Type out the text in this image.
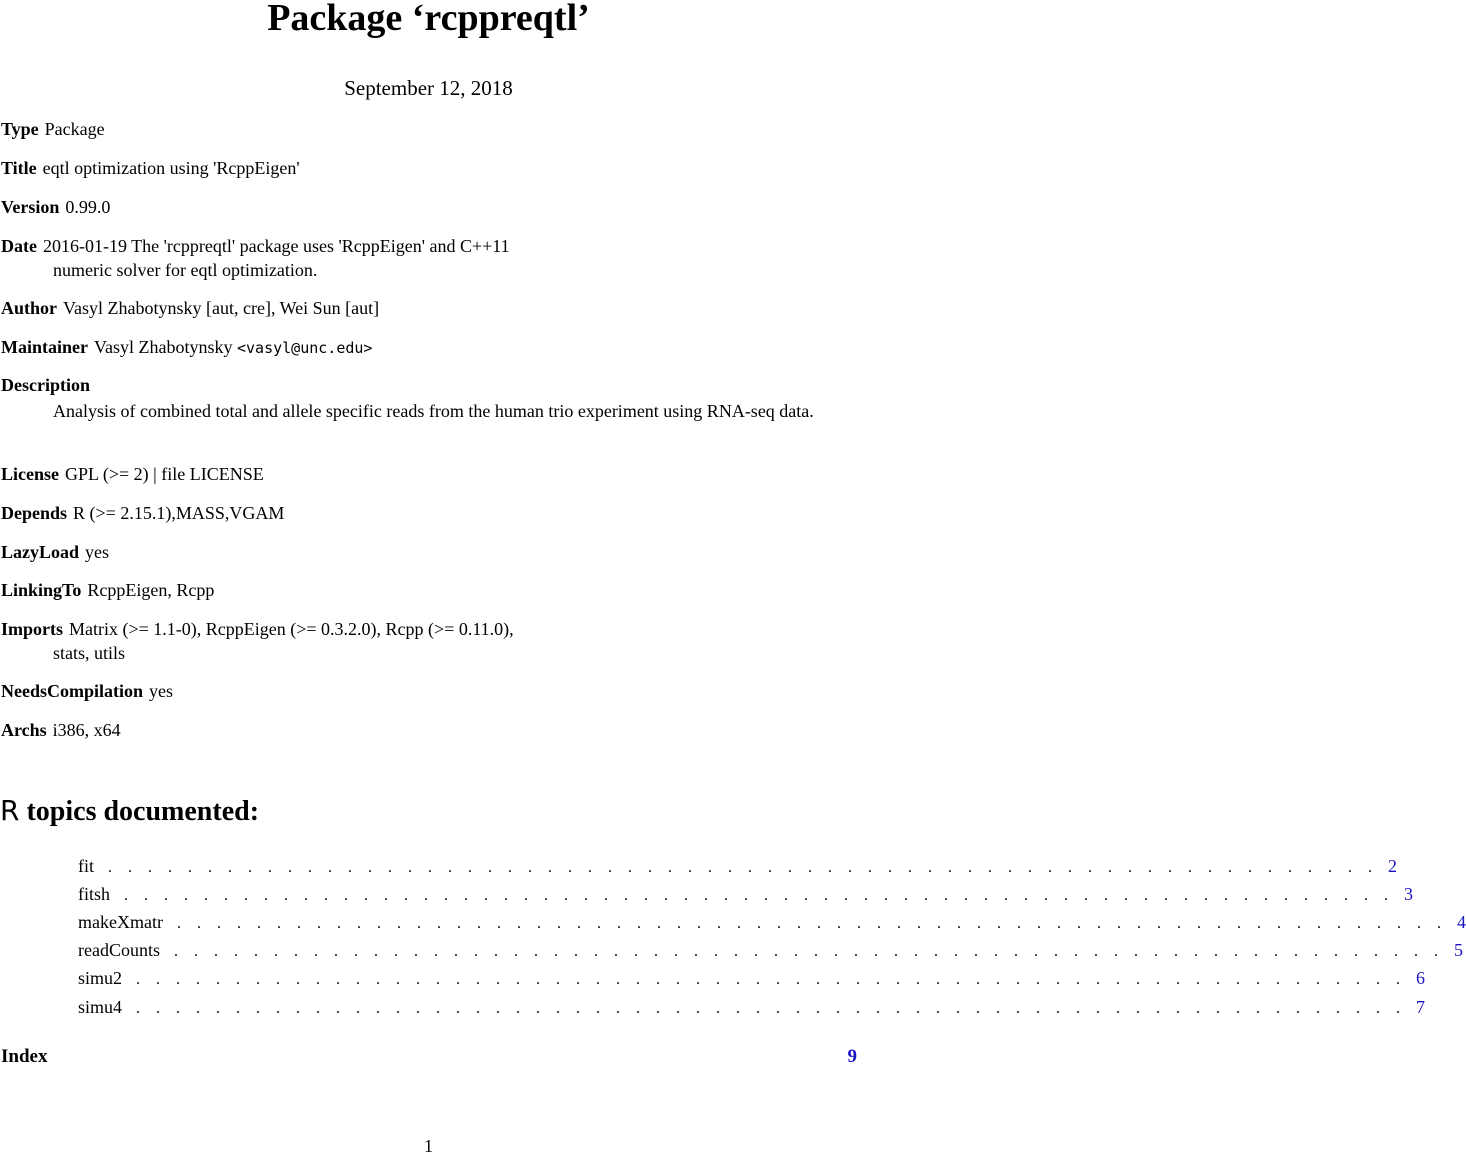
Package ‘rcppreqtl’
September 12, 2018
Type Package
Title eqtl optimization using 'RcppEigen'
Version 0.99.0
Date 2016-01-19 The 'rcppreqtl' package uses 'RcppEigen' and C++11
numeric solver for eqtl optimization.
Author Vasyl Zhabotynsky [aut, cre], Wei Sun [aut]
Maintainer Vasyl Zhabotynsky <vasyl@unc.edu>
Description
Analysis of combined total and allele specific reads from the human trio experiment using RNA-seq data.
License GPL (>= 2) | file LICENSE
Depends R (>= 2.15.1),MASS,VGAM
LazyLoad yes
LinkingTo RcppEigen, Rcpp
Imports Matrix (>= 1.1-0), RcppEigen (>= 0.3.2.0), Rcpp (>= 0.11.0),
stats, utils
NeedsCompilation yes
Archs i386, x64
R topics documented:
fit . . . . . . . . . . . . . . . . . . . . . . . . . . . . . . . . . . . . . . . . . . . . . . . . . . . . . . . . . . . . . . . . 2
fitsh . . . . . . . . . . . . . . . . . . . . . . . . . . . . . . . . . . . . . . . . . . . . . . . . . . . . . . . . . . . . . . . . 3
makeXmatr . . . . . . . . . . . . . . . . . . . . . . . . . . . . . . . . . . . . . . . . . . . . . . . . . . . . . . . . . . . . . . . . 4
readCounts . . . . . . . . . . . . . . . . . . . . . . . . . . . . . . . . . . . . . . . . . . . . . . . . . . . . . . . . . . . . . . . . 5
simu2 . . . . . . . . . . . . . . . . . . . . . . . . . . . . . . . . . . . . . . . . . . . . . . . . . . . . . . . . . . . . . . . . 6
simu4 . . . . . . . . . . . . . . . . . . . . . . . . . . . . . . . . . . . . . . . . . . . . . . . . . . . . . . . . . . . . . . . . 7
Index	9
1
